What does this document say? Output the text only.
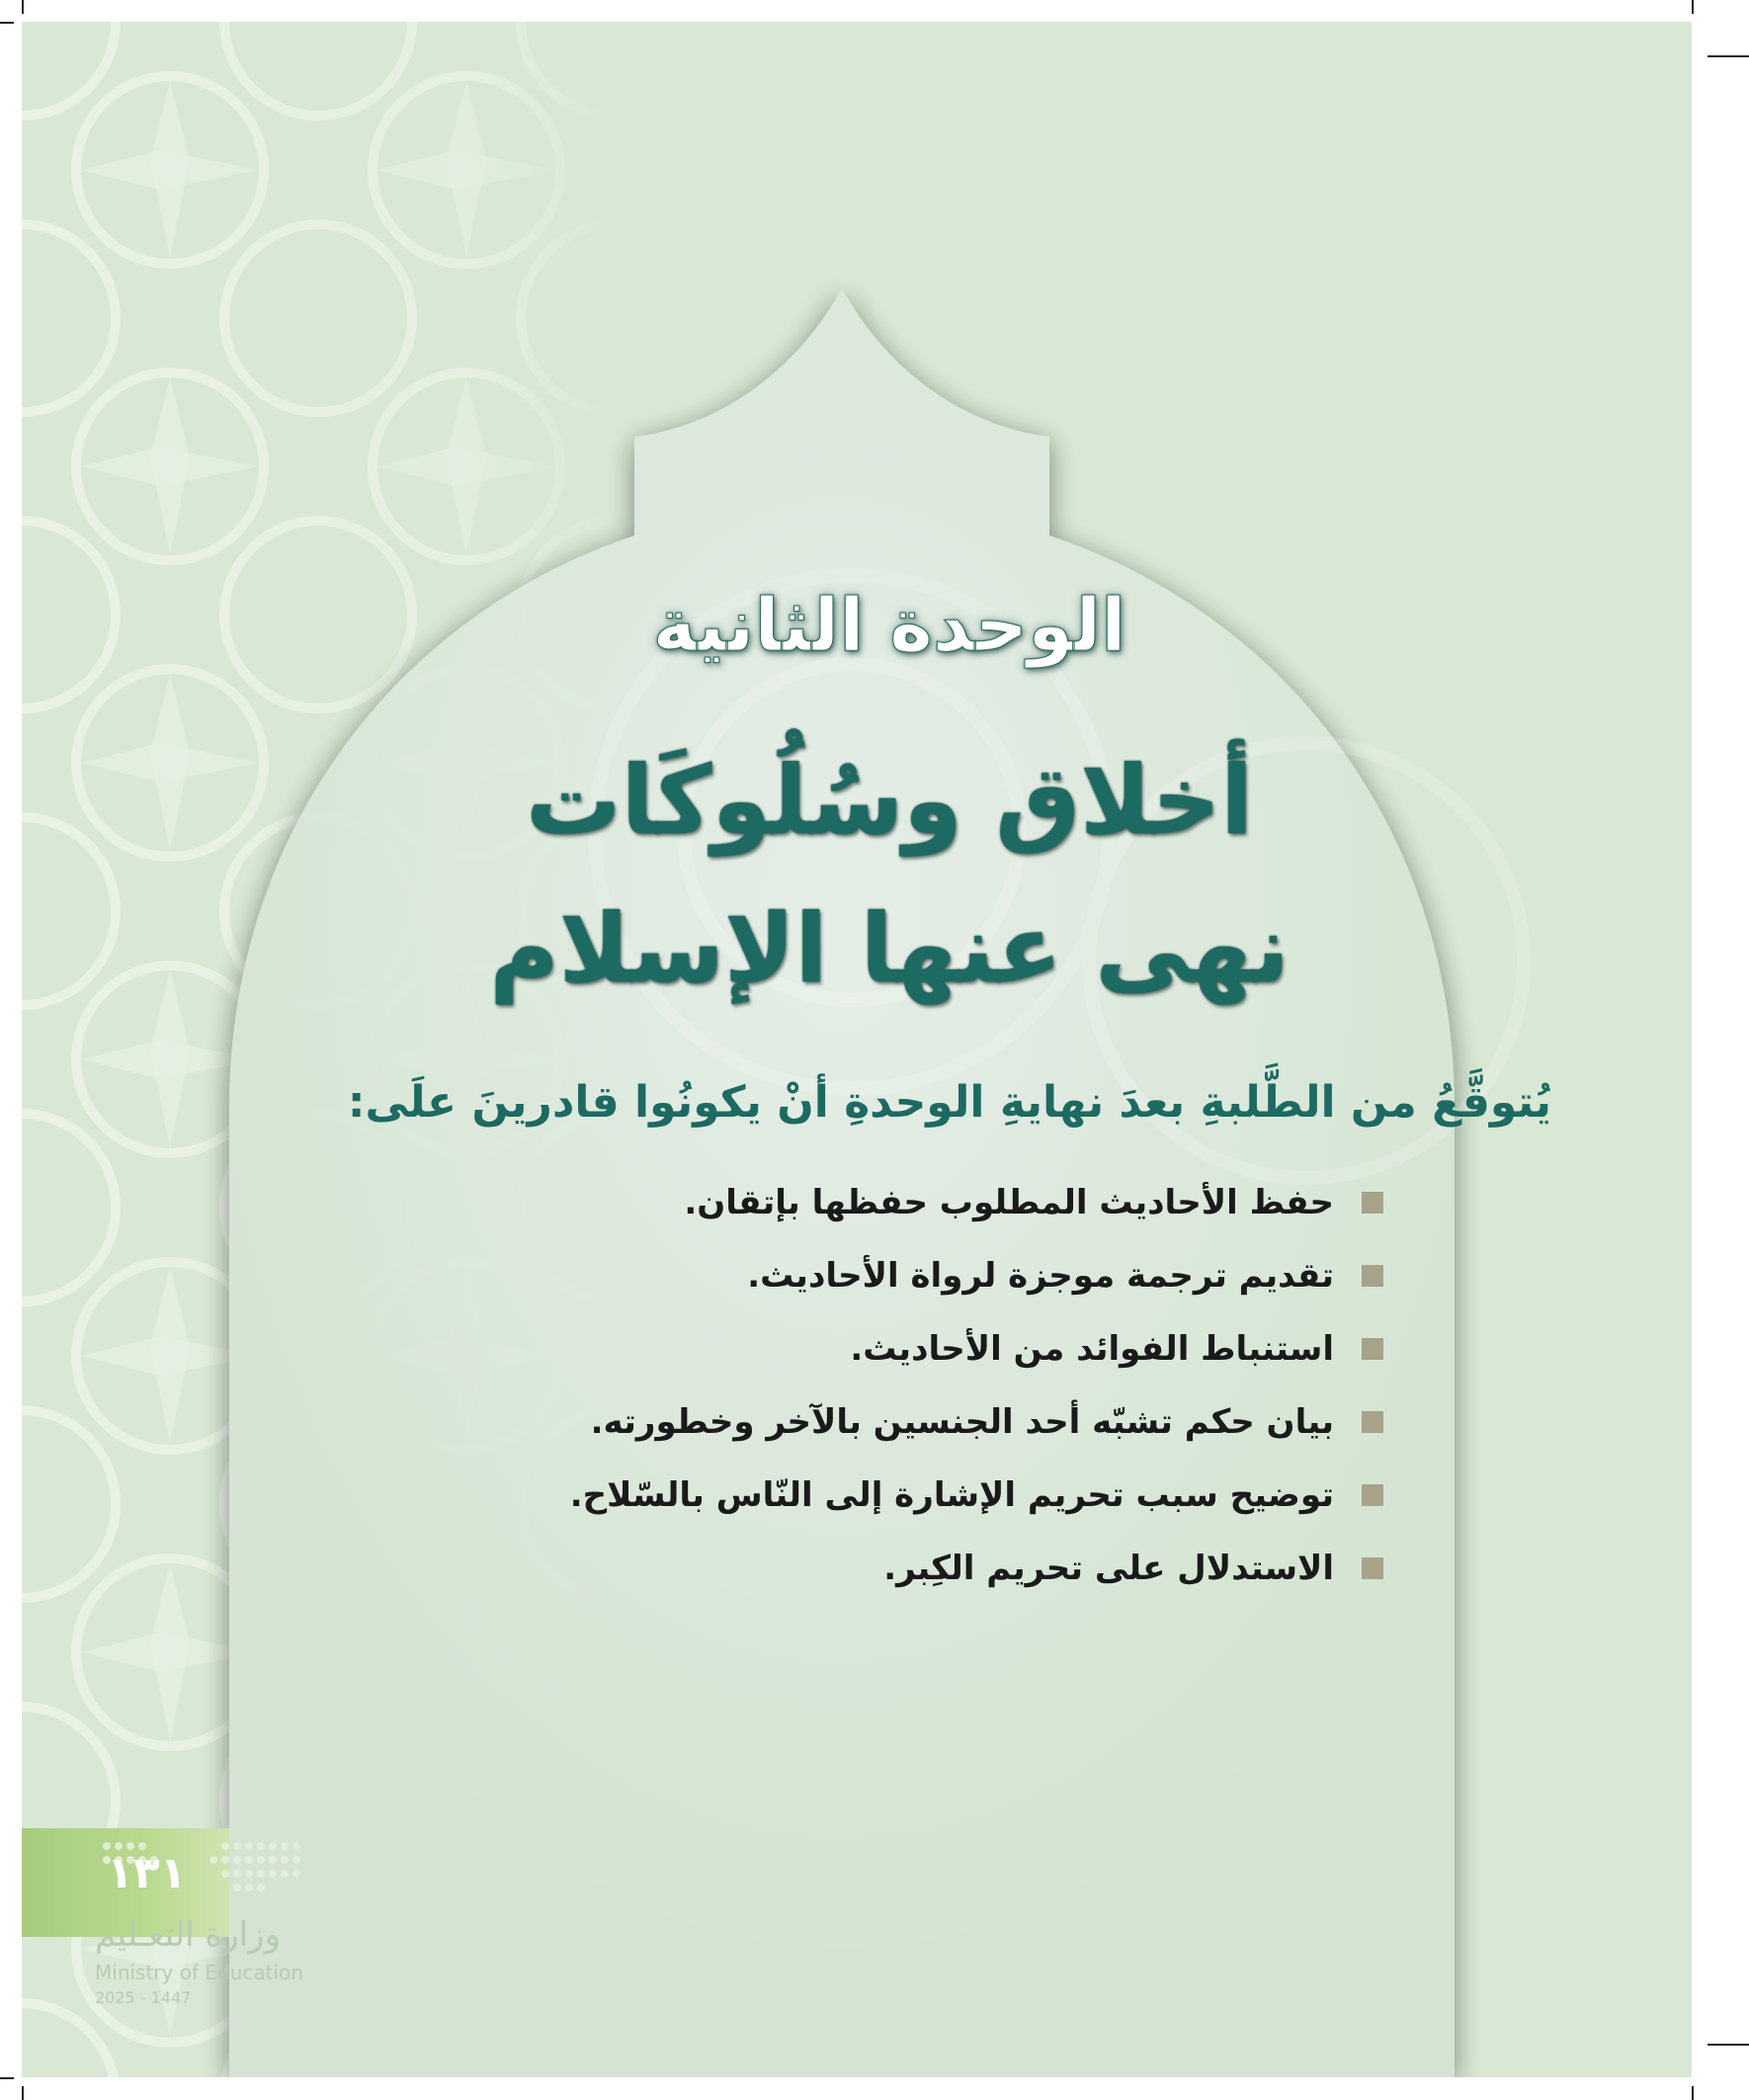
الوحدة الثانية
أخلاق وسُلُوكَات
نهى عنها الإسلام
يُتوقَّعُ من الطَّلبةِ بعدَ نهايةِ الوحدةِ أنْ يكونُوا قادرينَ علَى:
حفظ الأحاديث المطلوب حفظها بإتقان.
تقديم ترجمة موجزة لرواة الأحاديث.
استنباط الفوائد من الأحاديث.
بيان حكم تشبّه أحد الجنسين بالآخر وخطورته.
توضيح سبب تحريم الإشارة إلى النّاس بالسّلاح.
الاستدلال على تحريم الكِبر.
١٣١
وزارة التعـليم
Ministry of Education
2025 - 1447
